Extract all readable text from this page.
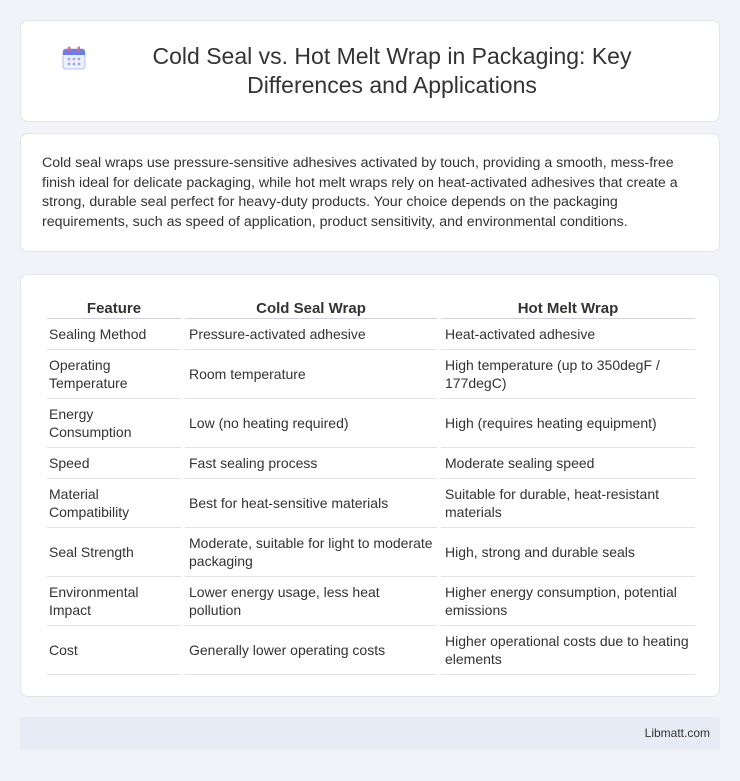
Cold Seal vs. Hot Melt Wrap in Packaging: Key Differences and Applications

Cold seal wraps use pressure-sensitive adhesives activated by touch, providing a smooth, mess-free finish ideal for delicate packaging, while hot melt wraps rely on heat-activated adhesives that create a strong, durable seal perfect for heavy-duty products. Your choice depends on the packaging requirements, such as speed of application, product sensitivity, and environmental conditions.

Feature	Cold Seal Wrap	Hot Melt Wrap
Sealing Method	Pressure-activated adhesive	Heat-activated adhesive
Operating Temperature	Room temperature	High temperature (up to 350degF / 177degC)
Energy Consumption	Low (no heating required)	High (requires heating equipment)
Speed	Fast sealing process	Moderate sealing speed
Material Compatibility	Best for heat-sensitive materials	Suitable for durable, heat-resistant materials
Seal Strength	Moderate, suitable for light to moderate packaging	High, strong and durable seals
Environmental Impact	Lower energy usage, less heat pollution	Higher energy consumption, potential emissions
Cost	Generally lower operating costs	Higher operational costs due to heating elements
Libmatt.com
